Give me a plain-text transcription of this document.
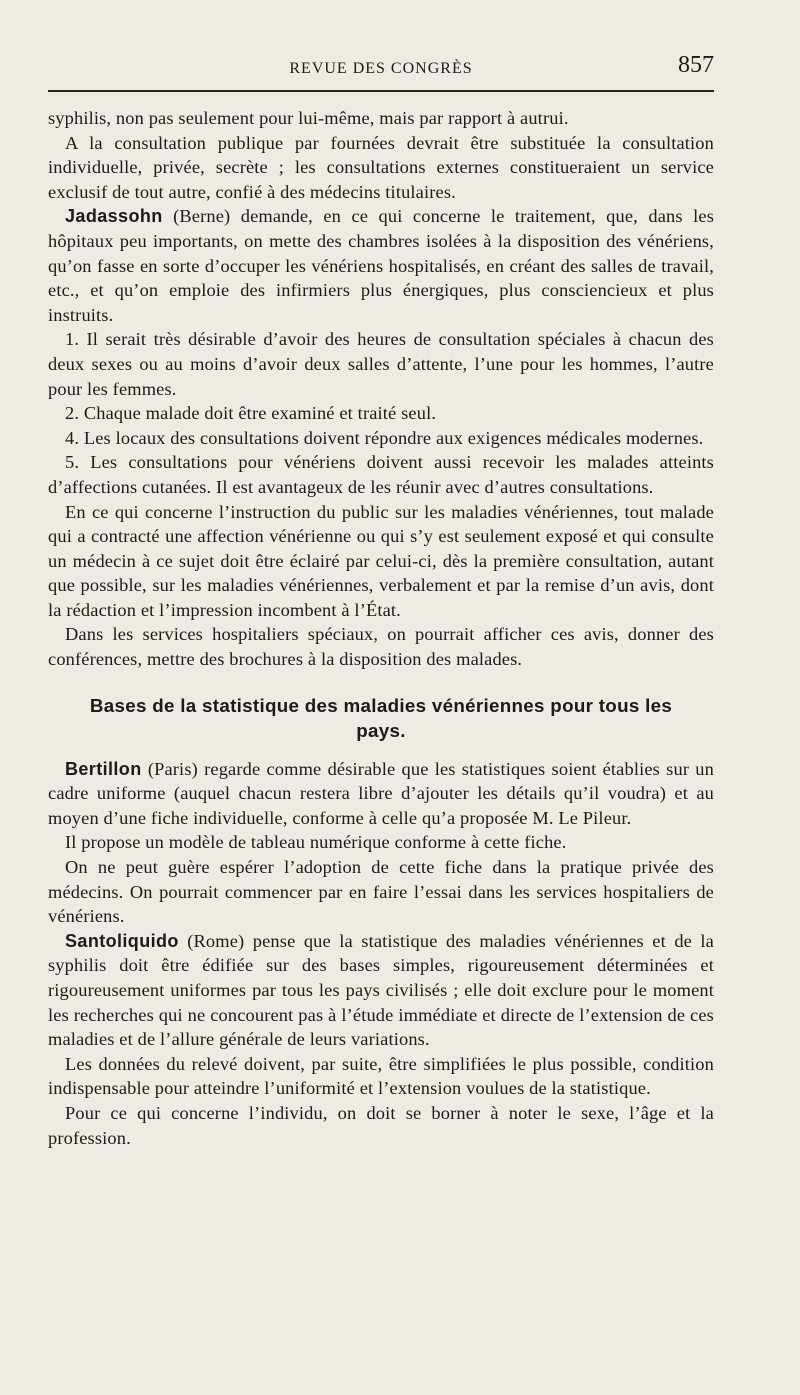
REVUE DES CONGRÈS	857

syphilis, non pas seulement pour lui-même, mais par rapport à autrui.

A la consultation publique par fournées devrait être substituée la consultation individuelle, privée, secrète ; les consultations externes constitueraient un service exclusif de tout autre, confié à des médecins titulaires.

Jadassohn (Berne) demande, en ce qui concerne le traitement, que, dans les hôpitaux peu importants, on mette des chambres isolées à la disposition des vénériens, qu’on fasse en sorte d’occuper les vénériens hospitalisés, en créant des salles de travail, etc., et qu’on emploie des infirmiers plus énergiques, plus consciencieux et plus instruits.

1. Il serait très désirable d’avoir des heures de consultation spéciales à chacun des deux sexes ou au moins d’avoir deux salles d’attente, l’une pour les hommes, l’autre pour les femmes.

2. Chaque malade doit être examiné et traité seul.

4. Les locaux des consultations doivent répondre aux exigences médicales modernes.

5. Les consultations pour vénériens doivent aussi recevoir les malades atteints d’affections cutanées. Il est avantageux de les réunir avec d’autres consultations.

En ce qui concerne l’instruction du public sur les maladies vénériennes, tout malade qui a contracté une affection vénérienne ou qui s’y est seulement exposé et qui consulte un médecin à ce sujet doit être éclairé par celui-ci, dès la première consultation, autant que possible, sur les maladies vénériennes, verbalement et par la remise d’un avis, dont la rédaction et l’impression incombent à l’État.

Dans les services hospitaliers spéciaux, on pourrait afficher ces avis, donner des conférences, mettre des brochures à la disposition des malades.

Bases de la statistique des maladies vénériennes pour tous les pays.

Bertillon (Paris) regarde comme désirable que les statistiques soient établies sur un cadre uniforme (auquel chacun restera libre d’ajouter les détails qu’il voudra) et au moyen d’une fiche individuelle, conforme à celle qu’a proposée M. Le Pileur.

Il propose un modèle de tableau numérique conforme à cette fiche.

On ne peut guère espérer l’adoption de cette fiche dans la pratique privée des médecins. On pourrait commencer par en faire l’essai dans les services hospitaliers de vénériens.

Santoliquido (Rome) pense que la statistique des maladies vénériennes et de la syphilis doit être édifiée sur des bases simples, rigoureusement déterminées et rigoureusement uniformes par tous les pays civilisés ; elle doit exclure pour le moment les recherches qui ne concourent pas à l’étude immédiate et directe de l’extension de ces maladies et de l’allure générale de leurs variations.

Les données du relevé doivent, par suite, être simplifiées le plus possible, condition indispensable pour atteindre l’uniformité et l’extension voulues de la statistique.

Pour ce qui concerne l’individu, on doit se borner à noter le sexe, l’âge et la profession.
